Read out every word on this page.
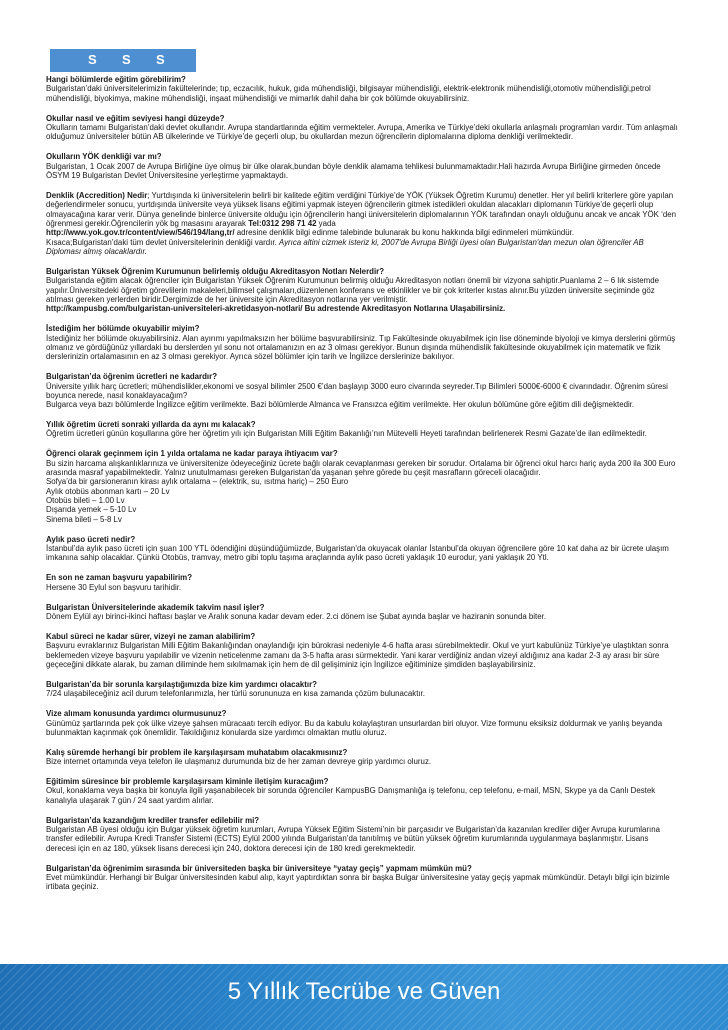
S S S
Hangi bölümlerde eğitim görebilirim?

Bulgaristan’daki üniversitelerimizin fakültelerinde; tıp, eczacılık, hukuk, gıda mühendisliği, bilgisayar mühendisliği, elektrik-elektronik mühendisliği,otomotiv mühendisliği,petrol mühendisliği, biyokimya, makine mühendisliği, inşaat mühendisliği ve mimarlık dahil daha bir çok bölümde okuyabilirsiniz.

Okullar nasıl ve eğitim seviyesi hangi düzeyde?

Okulların tamamı Bulgaristan’daki devlet okullarıdır. Avrupa standartlarında eğitim vermekteler. Avrupa, Amerika ve Türkiye’deki okullarla anlaşmalı programları vardır. Tüm anlaşmalı olduğumuz üniversiteler bütün AB ülkelerinde ve Türkiye’de geçerli olup, bu okullardan mezun öğrencilerin diplomalarına diploma denkliği verilmektedir.

Okulların YÖK denkliği var mı?

Bulgaristan, 1 Ocak 2007 de Avrupa Birliğine üye olmuş bir ülke olarak,bundan böyle denklik alamama tehlikesi bulunmamaktadır.Hali hazırda Avrupa Birliğine girmeden öncede ÖSYM 19 Bulgaristan Devlet Üniversitesine yerleştirme yapmaktaydı.

Denklik (Accredition) Nedir; Yurtdışında ki üniversitelerin belirli bir kalitede eğitim verdiğini Türkiye’de YÖK (Yüksek Öğretim Kurumu) denetler. Her yıl belirli kriterlere göre yapılan değerlendirmeler sonucu, yurtdışında üniversite veya yüksek lisans eğitimi yapmak isteyen öğrencilerin gitmek istedikleri okuldan alacakları diplomanın Türkiye’de geçerli olup olmayacağına karar verir. Dünya genelinde binlerce üniversite olduğu için öğrencilerin hangi üniversitelerin diplomalarının YÖK tarafından onaylı olduğunu ancak ve ancak YÖK ‘den öğrenmesi gerekir.Öğrencilerin yök bg masasını arayarak Tel:0312 298 71 42 yada
http://www.yok.gov.tr/content/view/546/194/lang,tr/ adresine denklik bilgi edinme talebinde bulunarak bu konu hakkında bilgi edinmeleri mümkündür.
Kısaca;Bulgaristan’daki tüm devlet üniversitelerinin denkliği vardır. Ayrıca altini cizmek isteriz ki, 2007'de Avrupa Birliği üyesi olan Bulgaristan'dan mezun olan öğrenciler AB Diploması almış olacaklardır.

Bulgaristan Yüksek Öğrenim Kurumunun belirlemiş olduğu Akreditasyon Notları Nelerdir?

Bulgaristanda eğitim alacak öğrenciler için Bulgaristan Yüksek Öğrenim Kurumunun belirmiş olduğu Akreditasyon notları önemli bir vizyona sahiptir.Puanlama 2 – 6 lık sistemde yapılır.Üniversitedeki öğretim görevlilerin makaleleri,bilimsel çalışmaları,düzenlenen konferans ve etkinlikler ve bir çok kriterler kıstas alınır.Bu yüzden üniversite seçiminde göz atılması gereken yerlerden biridir.Dergimizde de her üniversite için Akreditasyon notlarına yer verilmiştir.

http://kampusbg.com/bulgaristan-universiteleri-akretidasyon-notlari/ Bu adrestende Akreditasyon Notlarına Ulaşabilirsiniz.

İstediğim her bölümde okuyabilir miyim?

İstediğiniz her bölümde okuyabilirsiniz. Alan ayırımı yapılmaksızın her bölüme başvurabilirsiniz. Tıp Fakültesinde okuyabilmek için lise döneminde biyoloji ve kimya derslerini görmüş olmanız ve gördüğünüz yıllardaki bu derslerden yıl sonu not ortalamanızın en az 3 olması gerekiyor. Bunun dışında mühendislik fakültesinde okuyabilmek için matematik ve fizik derslerinizin ortalamasının en az 3 olması gerekiyor. Ayrıca sözel bölümler için tarih ve İngilizce derslerinize bakılıyor.

Bulgaristan’da öğrenim ücretleri ne kadardır?

Üniversite yıllık harç ücretleri; mühendislikler,ekonomi ve sosyal bilimler 2500 €’dan başlayıp 3000 euro civarında seyreder.Tıp Bilimleri 5000€-6000 € civarındadır. Öğrenim süresi boyunca nerede, nasıl konaklayacağım?

Bulgarca veya bazı bölümlerde İngilizce eğitim verilmekte. Bazi bölümlerde Almanca ve Fransızca eğitim verilmekte. Her okulun bölümüne göre eğitim dili değişmektedir.

Yıllık öğretim ücreti sonraki yıllarda da aynı mı kalacak?

Öğretim ücretleri günün koşullarına göre her öğretim yılı için Bulgaristan Milli Eğitim Bakanlığı’nın Mütevelli Heyeti tarafından belirlenerek Resmi Gazate’de ilan edilmektedir.

Öğrenci olarak geçinmem için 1 yılda ortalama ne kadar paraya ihtiyacım var?

Bu sizin harcama alışkanlıklarınıza ve üniversitenize ödeyeceğiniz ücrete bağlı olarak cevaplanması gereken bir sorudur. Ortalama bir öğrenci okul harcı hariç ayda 200 ila 300 Euro arasında masraf yapabilmektedir. Yalnız unutulmaması gereken Bulgaristan’da yaşanan şehre görede bu çeşit masrafların göreceli olacağıdır.

Sofya’da bir garsioneranın kirası aylık ortalama – (elektrik, su, ısıtma hariç) – 250 Euro

Aylık otobüs abonman kartı – 20 Lv

Otobüs bileti – 1.00 Lv

Dışarıda yemek – 5-10 Lv

Sinema bileti – 5-8 Lv

Aylık paso ücreti nedir?

İstanbul’da aylık paso ücreti için şuan 100 YTL ödendiğini düşündüğümüzde, Bulgaristan’da okuyacak olanlar İstanbul’da okuyan öğrencilere göre 10 kat daha az bir ücrete ulaşım imkanına sahip olacaklar. Çünkü Otobüs, tramvay, metro gibi toplu taşıma araçlarında aylık paso ücreti yaklaşık 10 eurodur, yani yaklaşık 20 Ytl.

En son ne zaman başvuru yapabilirim?

Hersene 30 Eylul son başvuru tarihidir.

Bulgaristan Üniversitelerinde akademik takvim nasıl işler?

Dönem Eylül ayı birinci-ikinci haftası başlar ve Aralık sonuna kadar devam eder. 2.ci dönem ise Şubat ayında başlar ve haziranin sonunda biter.

Kabul süreci ne kadar sürer, vizeyi ne zaman alabilirim?

Başvuru evraklarınız Bulgaristan Milli Eğitim Bakanlığından onaylandığı için bürokrasi nedeniyle 4-6 hafta arası sürebilmektedir. Okul ve yurt kabulünüz Türkiye’ye ulaştıktan sonra beklemeden vizeye başvuru yapılabilir ve vizenin neticelenme zamanı da 3-5 hafta arası sürmektedir. Yani karar verdiğiniz andan vizeyi aldığınız ana kadar 2-3 ay arası bir süre geçeceğini dikkate alarak, bu zaman diliminde hem sıkılmamak için hem de dil gelişiminiz için İngilizce eğitiminize şimdiden başlayabilirsiniz.

Bulgaristan’da bir sorunla karşılaştığımızda bize kim yardımcı olacaktır?

7/24 ulaşabileceğiniz acil durum telefonlarımızla, her türlü sorununuza en kısa zamanda çözüm bulunacaktır.

Vize alımam konusunda yardımcı olurmusunuz?

Günümüz şartlarında pek çok ülke vizeye şahsen müracaatı tercih ediyor. Bu da kabulu kolaylaştıran unsurlardan biri oluyor. Vize formunu eksiksiz doldurmak ve yanlış beyanda bulunmaktan kaçınmak çok önemlidir. Takıldığınız konularda size yardımcı olmaktan mutlu oluruz.

Kalış süremde herhangi bir problem ile karşılaşırsam muhatabım olacakmısınız?

Bize internet ortamında veya telefon ile ulaşmanız durumunda biz de her zaman devreye girip yardımcı oluruz.

Eğitimim süresince bir problemle karşılaşırsam kiminle iletişim kuracağım?

Okul, konaklama veya başka bir konuyla ilgili yaşanabilecek bir sorunda öğrenciler KampusBG Danışmanlığa iş telefonu, cep telefonu, e-mail, MSN, Skype ya da Canlı Destek kanalıyla ulaşarak 7 gün / 24 saat yardım alırlar.

Bulgaristan’da kazandığım krediler transfer edilebilir mi?

Bulgaristan AB üyesi olduğu için Bulgar yüksek öğretim kurumları, Avrupa Yüksek Eğitim Sistemi’nin bir parçasıdır ve Bulgaristan’da kazanılan krediler diğer Avrupa kurumlarına transfer edilebilir. Avrupa Kredi Transfer Sistemi (ECTS) Eylül 2000 yılında Bulgaristan’da tanıtılmış ve bütün yüksek öğretim kurumlarında uygulanmaya başlanmıştır. Lisans derecesi için en az 180, yüksek lisans derecesi için 240, doktora derecesi için de 180 kredi gerekmektedir.

Bulgaristan’da öğrenimim sırasında bir üniversiteden başka bir üniversiteye “yatay geçiş” yapmam mümkün mü?

Evet mümkündür. Herhangi bir Bulgar üniversitesinden kabul alıp, kayıt yaptırdıktan sonra bir başka Bulgar üniversitesine yatay geçiş yapmak mümkündür. Detaylı bilgi için bizimle irtibata geçiniz.

5 Yıllık Tecrübe ve Güven
